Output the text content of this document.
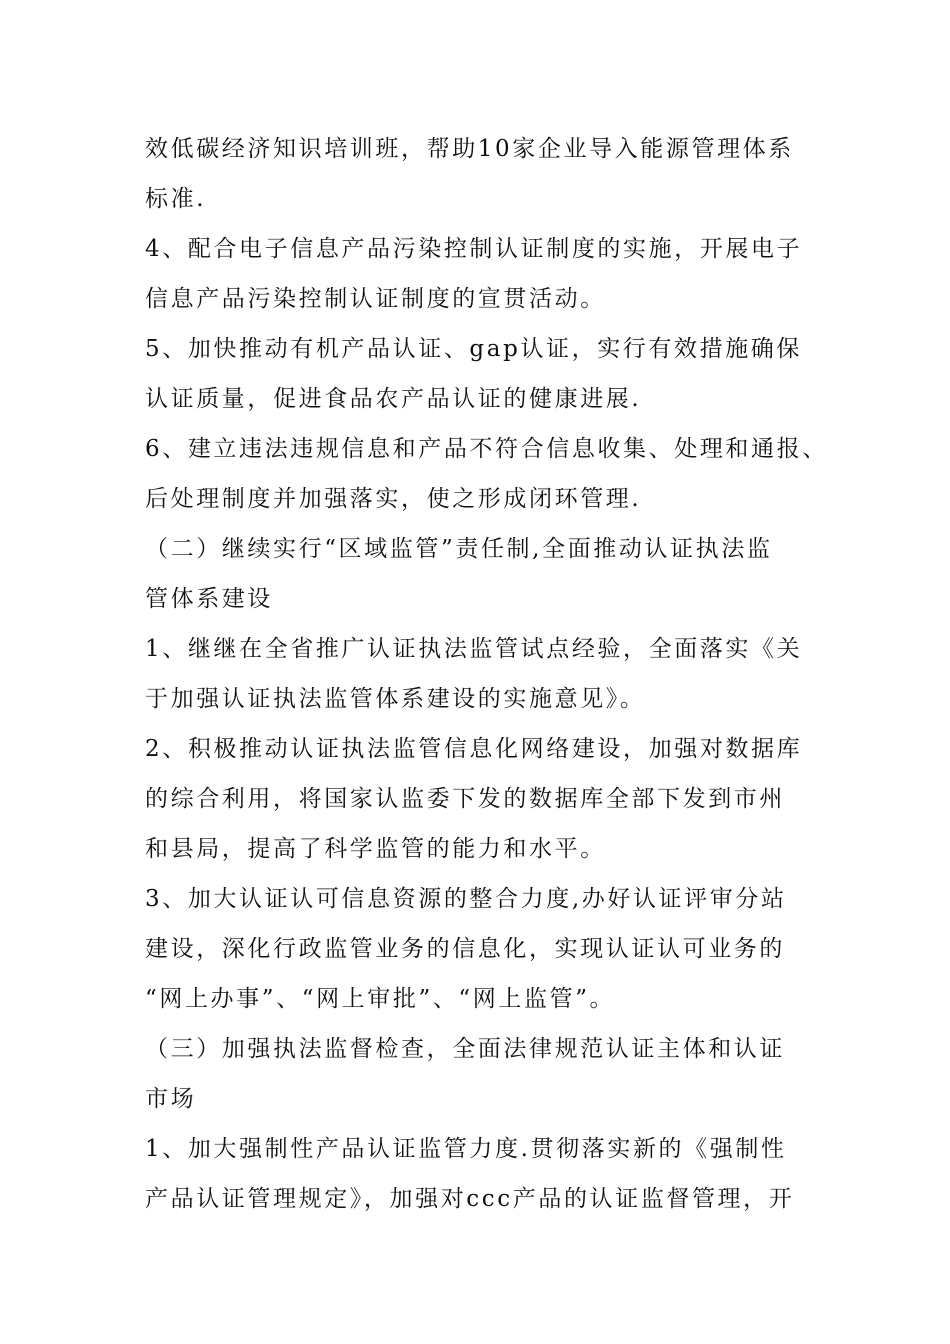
效低碳经济知识培训班，帮助10家企业导入能源管理体系
标准.
4、配合电子信息产品污染控制认证制度的实施，开展电子
信息产品污染控制认证制度的宣贯活动。
5、加快推动有机产品认证、gap认证，实行有效措施确保
认证质量，促进食品农产品认证的健康进展.
6、建立违法违规信息和产品不符合信息收集、处理和通报、
后处理制度并加强落实，使之形成闭环管理.
（二）继续实行“区域监管”责任制,全面推动认证执法监
管体系建设
1、继继在全省推广认证执法监管试点经验，全面落实《关
于加强认证执法监管体系建设的实施意见》。
2、积极推动认证执法监管信息化网络建设，加强对数据库
的综合利用，将国家认监委下发的数据库全部下发到市州
和县局，提高了科学监管的能力和水平。
3、加大认证认可信息资源的整合力度,办好认证评审分站
建设，深化行政监管业务的信息化，实现认证认可业务的
“网上办事”、“网上审批”、“网上监管”。
（三）加强执法监督检查，全面法律规范认证主体和认证
市场
1、加大强制性产品认证监管力度.贯彻落实新的《强制性
产品认证管理规定》，加强对ccc产品的认证监督管理，开
